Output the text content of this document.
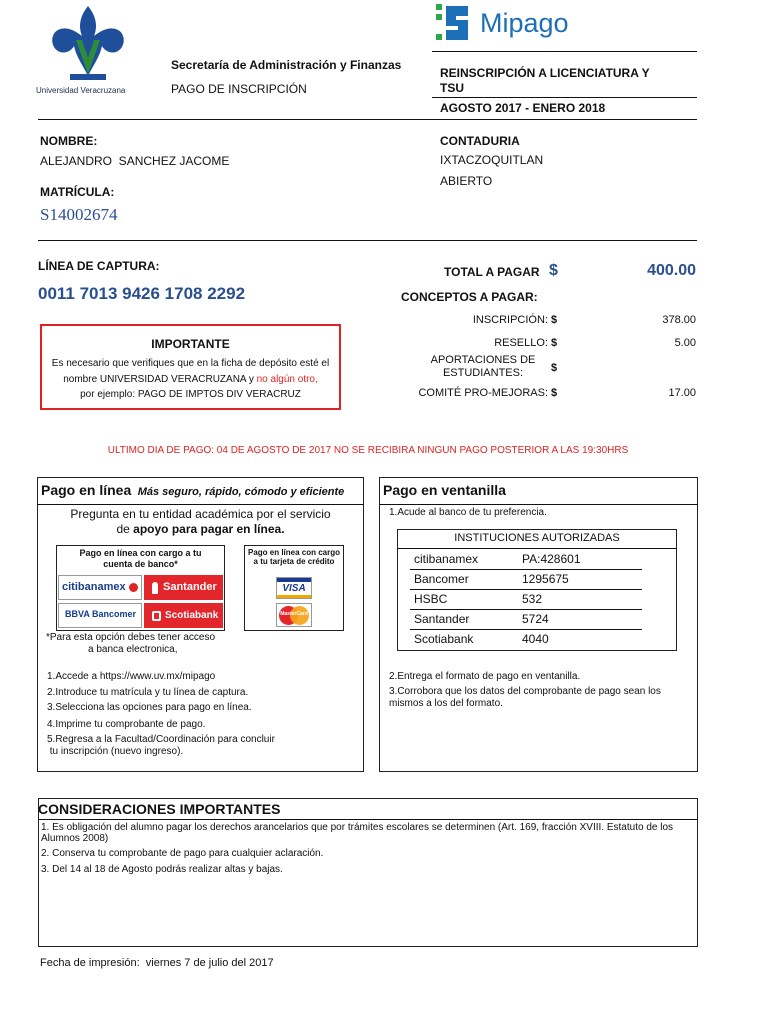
Universidad Veracruzana
Secretaría de Administración y Finanzas
PAGO DE INSCRIPCIÓN
Mipago
REINSCRIPCIÓN A LICENCIATURA Y
TSU
AGOSTO 2017 - ENERO 2018
NOMBRE:
ALEJANDRO  SANCHEZ JACOME
MATRÍCULA:
S14002674
CONTADURIA
IXTACZOQUITLAN
ABIERTO
LÍNEA DE CAPTURA:
0011 7013 9426 1708 2292
TOTAL A PAGAR $	400.00
CONCEPTOS A PAGAR:
INSCRIPCIÓN: $	378.00
RESELLO: $	5.00
APORTACIONES DE
ESTUDIANTES:	$
COMITÉ PRO-MEJORAS: $	17.00
IMPORTANTE
Es necesario que verifiques que en la ficha de depósito esté el
nombre UNIVERSIDAD VERACRUZANA y no algún otro,
por ejemplo: PAGO DE IMPTOS DIV VERACRUZ
ULTIMO DIA DE PAGO: 04 DE AGOSTO DE 2017 NO SE RECIBIRA NINGUN PAGO POSTERIOR A LAS 19:30HRS
Pago en línea Más seguro, rápido, cómodo y eficiente
Pregunta en tu entidad académica por el servicio
de apoyo para pagar en línea.
Pago en línea con cargo a tu
cuenta de banco*
citibanamex	Santander
BBVA Bancomer	Scotiabank
Pago en línea con cargo
a tu tarjeta de crédito
VISA
MasterCard
*Para esta opción debes tener acceso
a banca electronica,
1.Accede a https://www.uv.mx/mipago
2.Introduce tu matrícula y tu línea de captura.
3.Selecciona las opciones para pago en línea.
4.Imprime tu comprobante de pago.
5.Regresa a la Facultad/Coordinación para concluir
tu inscripción (nuevo ingreso).
Pago en ventanilla
1.Acude al banco de tu preferencia.
INSTITUCIONES AUTORIZADAS
citibanamex	PA:428601
Bancomer	1295675
HSBC	532
Santander	5724
Scotiabank	4040
2.Entrega el formato de pago en ventanilla.
3.Corrobora que los datos del comprobante de pago sean los
mismos a los del formato.
CONSIDERACIONES IMPORTANTES
1. Es obligación del alumno pagar los derechos arancelarios que por trámites escolares se determinen (Art. 169, fracción XVIII. Estatuto de los Alumnos 2008)
2. Conserva tu comprobante de pago para cualquier aclaración.
3. Del 14 al 18 de Agosto podrás realizar altas y bajas.
Fecha de impresión:  viernes 7 de julio del 2017
